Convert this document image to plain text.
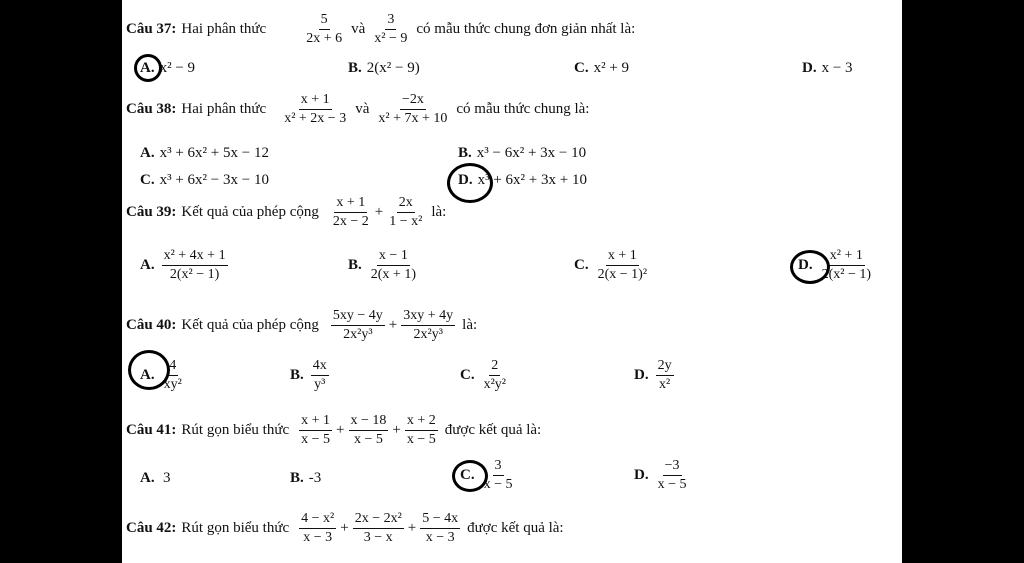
Câu 37: Hai phân thức	$\frac{5}{2x + 6}$ và $\frac{3}{\text{x² − 9}}$ có mẫu thức chung đơn giản nhất là:
A. x² − 9	B. 2(x² − 9)	C. x² + 9	D. x − 3
Câu 38: Hai phân thức $\frac{x + 1}{\text{x² + 2x − 3}}$ và $\frac{-2x}{\text{x² + 7x + 10}}$ có mẫu thức chung là:
A. x³ + 6x² + 5x − 12	B. x³ − 6x² + 3x − 10
C. x³ + 6x² − 3x − 10	D. x³ + 6x² + 3x + 10
Câu 39: Kết quả của phép cộng $\frac{x + 1}{2x - 2} + \frac{2x}{\text{1 − x²}}$ là:
A. $\frac{\text{x² + 4x + 1}}{\text{2(x² − 1)}}$	B. $\frac{x - 1}{2(x + 1)}$	C. $\frac{x + 1}{\text{2(x − 1)²}}$	D. $\frac{\text{x² + 1}}{\text{2(x² − 1)}}$
Câu 40: Kết quả của phép cộng $\frac{5xy - 4y}{\text{2x²y³}} + \frac{3xy + 4y}{\text{2x²y³}}$ là:
A. $\frac{4}{\text{xy²}}$	B. $\frac{4x}{\text{y³}}$	C. $\frac{2}{\text{x²y²}}$	D. $\frac{2y}{\text{x²}}$
Câu 41: Rút gọn biểu thức $\frac{x + 1}{x - 5} + \frac{x - 18}{x - 5} + \frac{x + 2}{x - 5}$ được kết quả là:
A. 3	B. -3	C. $\frac{3}{x - 5}$	D. $\frac{-3}{x - 5}$
Câu 42: Rút gọn biểu thức $\frac{\text{4 − x²}}{x - 3} + \frac{\text{2x − 2x²}}{3 - x} + \frac{5 - 4x}{x - 3}$ được kết quả là:
